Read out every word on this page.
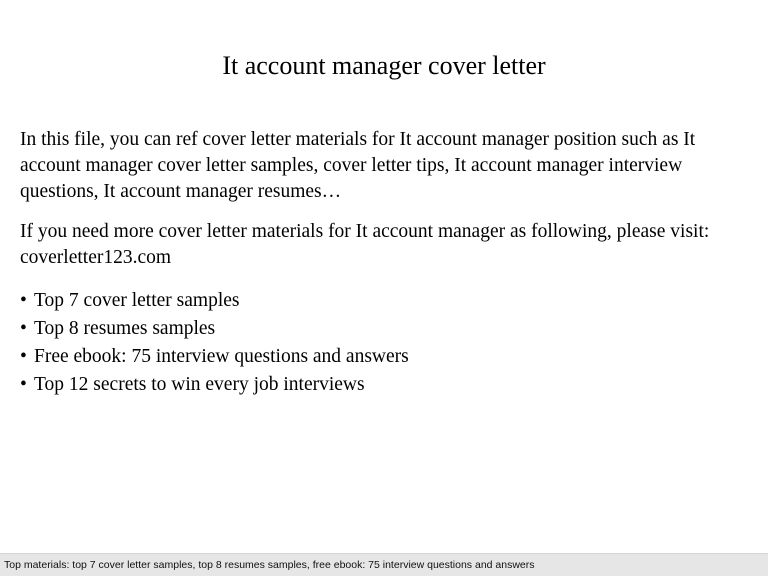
It account manager cover letter
In this file, you can ref cover letter materials for It account manager position such as It account manager cover letter samples, cover letter tips, It account manager interview questions, It account manager resumes…
If you need more cover letter materials for It account manager as following, please visit: coverletter123.com
• Top 7 cover letter samples
• Top 8 resumes samples
• Free ebook: 75 interview questions and answers
• Top 12 secrets to win every job interviews
Top materials: top 7 cover letter samples, top 8 resumes samples, free ebook: 75 interview questions and answers
